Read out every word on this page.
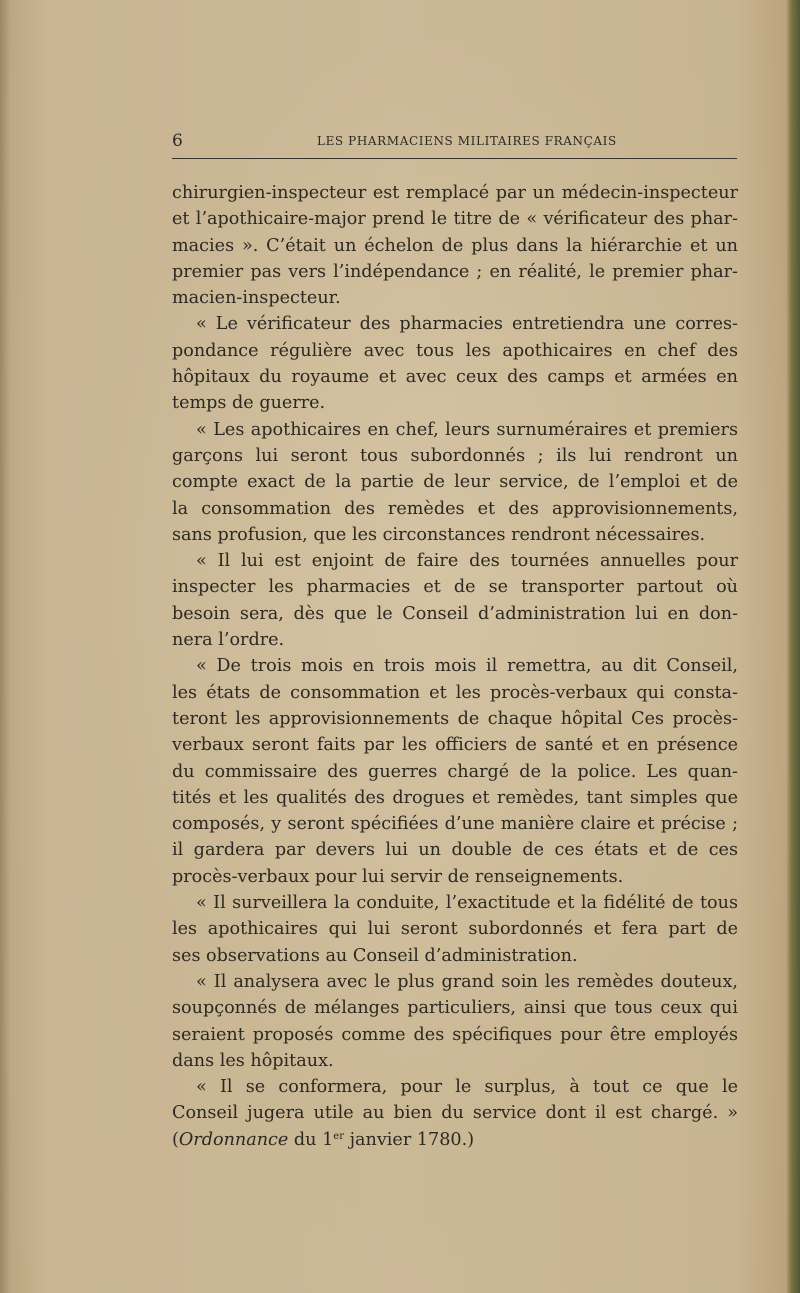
6	LES PHARMACIENS MILITAIRES FRANÇAIS
chirurgien-inspecteur est remplacé par un médecin-inspecteur
et l’apothicaire-major prend le titre de « vérificateur des phar-
macies ». C’était un échelon de plus dans la hiérarchie et un
premier pas vers l’indépendance ; en réalité, le premier phar-
macien-inspecteur.
« Le vérificateur des pharmacies entretiendra une corres-
pondance régulière avec tous les apothicaires en chef des
hôpitaux du royaume et avec ceux des camps et armées en
temps de guerre.
« Les apothicaires en chef, leurs surnuméraires et premiers
garçons lui seront tous subordonnés ; ils lui rendront un
compte exact de la partie de leur service, de l’emploi et de
la consommation des remèdes et des approvisionnements,
sans profusion, que les circonstances rendront nécessaires.
« Il lui est enjoint de faire des tournées annuelles pour
inspecter les pharmacies et de se transporter partout où
besoin sera, dès que le Conseil d’administration lui en don-
nera l’ordre.
« De trois mois en trois mois il remettra, au dit Conseil,
les états de consommation et les procès-verbaux qui consta-
teront les approvisionnements de chaque hôpital Ces procès-
verbaux seront faits par les officiers de santé et en présence
du commissaire des guerres chargé de la police. Les quan-
tités et les qualités des drogues et remèdes, tant simples que
composés, y seront spécifiées d’une manière claire et précise ;
il gardera par devers lui un double de ces états et de ces
procès-verbaux pour lui servir de renseignements.
« Il surveillera la conduite, l’exactitude et la fidélité de tous
les apothicaires qui lui seront subordonnés et fera part de
ses observations au Conseil d’administration.
« Il analysera avec le plus grand soin les remèdes douteux,
soupçonnés de mélanges particuliers, ainsi que tous ceux qui
seraient proposés comme des spécifiques pour être employés
dans les hôpitaux.
« Il se conformera, pour le surplus, à tout ce que le
Conseil jugera utile au bien du service dont il est chargé. »
(Ordonnance du 1er janvier 1780.)
